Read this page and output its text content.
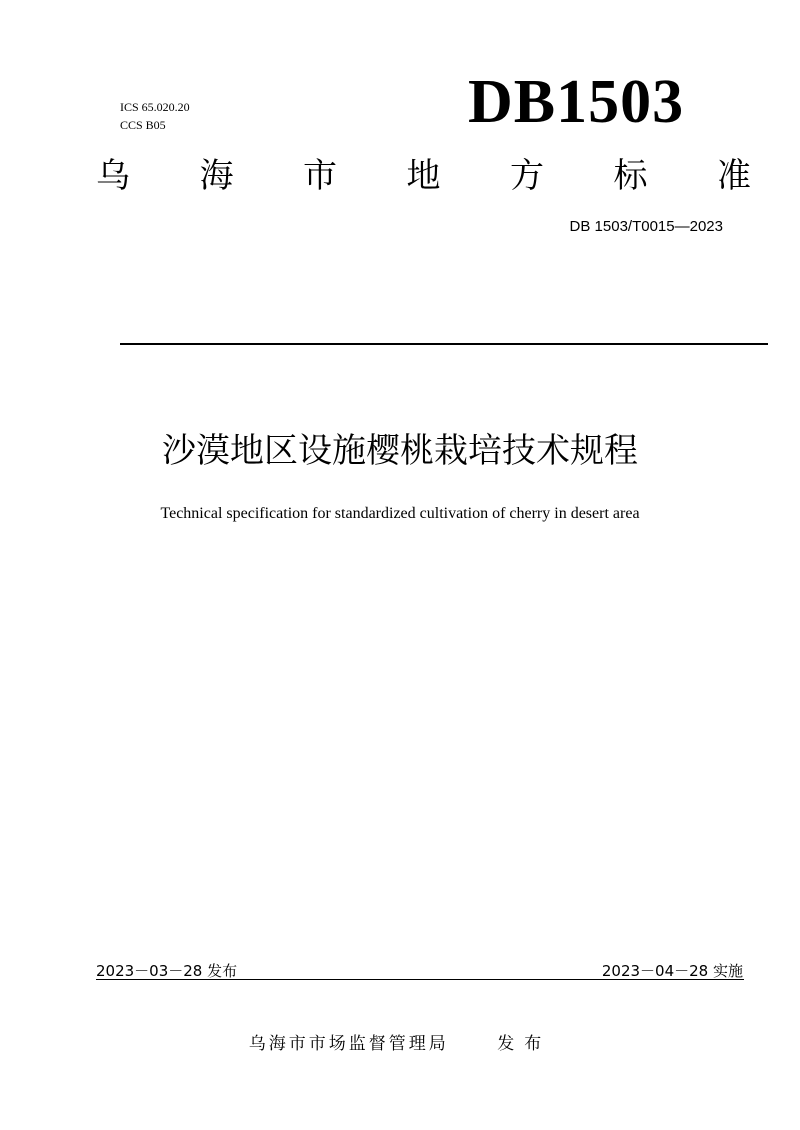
ICS 65.020.20
CCS B05	DB1503
乌 海 市 地 方 标 准
DB 1503/T0015—2023
沙漠地区设施樱桃栽培技术规程
Technical specification for standardized cultivation of cherry in desert area
2023－03－28 发布	2023－04－28 实施
乌海市市场监督管理局	发布
